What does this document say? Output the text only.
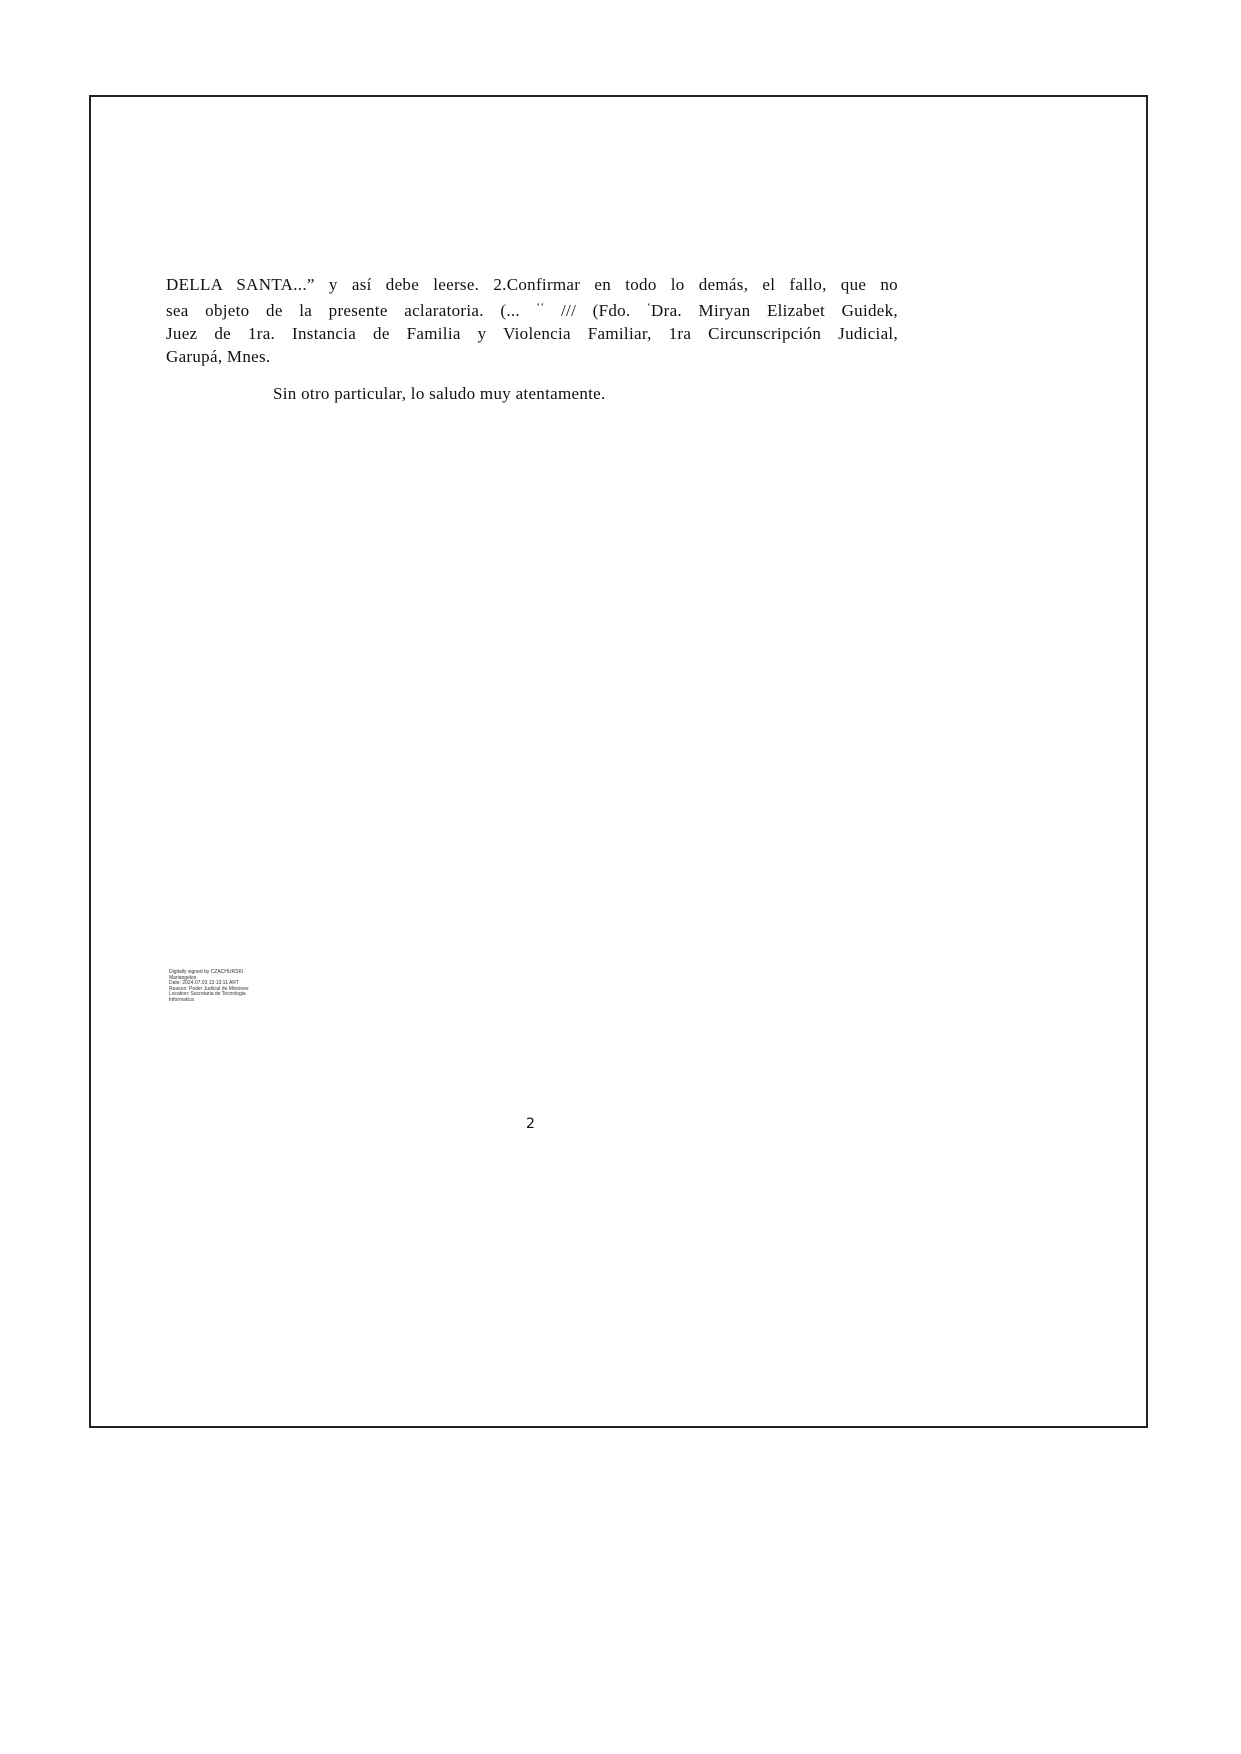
DELLA SANTA...” y así debe leerse. 2.Confirmar en todo lo demás, el fallo, que no
sea objeto de la presente aclaratoria. (... $^{ʻʻ}$ /// (Fdo. $^ʻ$Dra. Miryan Elizabet Guidek,
Juez de 1ra. Instancia de Familia y Violencia Familiar, 1ra Circunscripción Judicial,
Garupá, Mnes.

Sin otro particular, lo saludo muy atentamente.

Digitally signed by CZACHURSKI
Mariangeles
Date: 2024.07.03 13:13:11 ART
Reason: Poder Judicial de Misiones
Location: Secretaria de Tecnologia
Informatica
2
